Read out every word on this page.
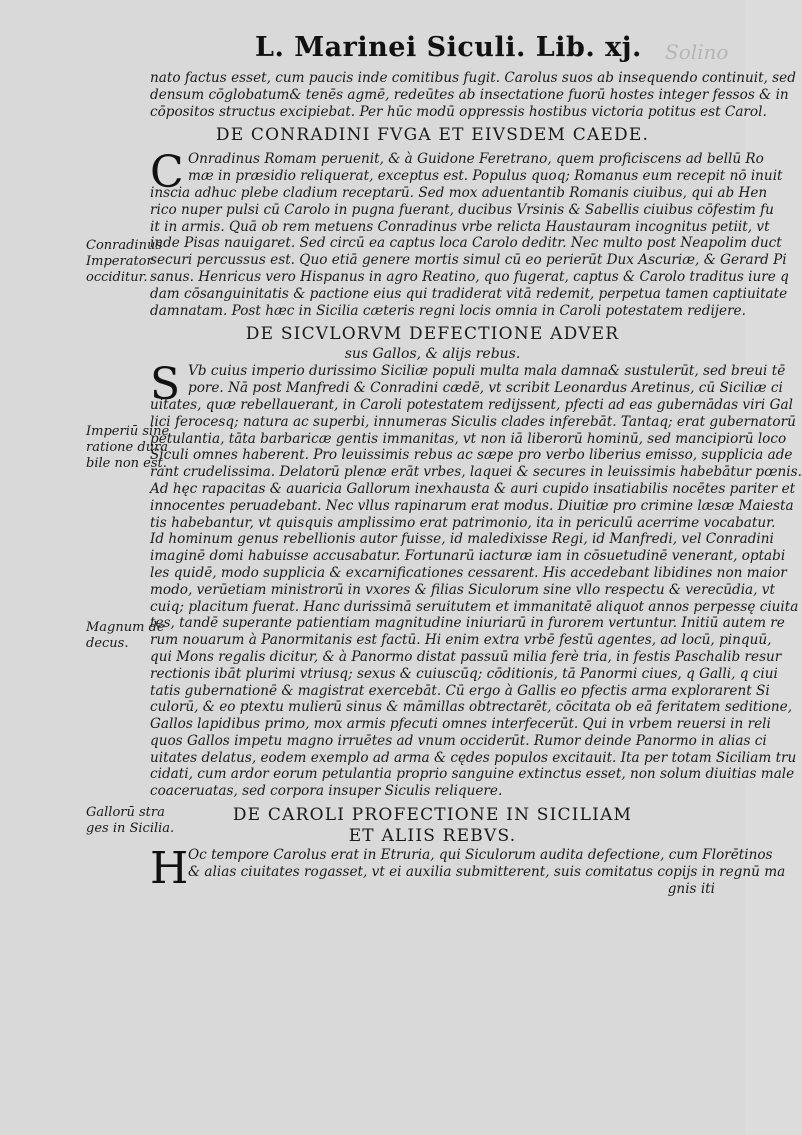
Solino
L. Marinei Siculi. Lib. xj.
Conradinus
Imperator
occiditur.
Imperiū sine
ratione dura
bile non est.
Magnum de
decus.
Gallorū stra
ges in Sicilia.
nato factus esset, cum paucis inde comitibus fugit. Carolus suos ab insequendo continuit, sed
densum cōglobatum& tenēs agmē, redeūtes ab insectatione fuorū hostes integer fessos & in
cōpositos structus excipiebat. Per hūc modū oppressis hostibus victoria potitus est Carol.
DE CONRADINI FVGA ET EIVSDEM CAEDE.
C Onradinus Romam peruenit, & à Guidone Feretrano, quem proficiscens ad bellū Ro
mæ in præsidio reliquerat, exceptus est. Populus quoq; Romanus eum recepit nō inuit
inscia adhuc plebe cladium receptarū. Sed mox aduentantib Romanis ciuibus, qui ab Hen
rico nuper pulsi cū Carolo in pugna fuerant, ducibus Vrsinis & Sabellis ciuibus cōfestim fu
it in armis. Quā ob rem metuens Conradinus vrbe relicta Haustauram incognitus petiit, vt
inde Pisas nauigaret. Sed circū ea captus loca Carolo deditr. Nec multo post Neapolim duct
securi percussus est. Quo etiā genere mortis simul cū eo perierūt Dux Ascuriæ, & Gerard Pi
sanus. Henricus vero Hispanus in agro Reatino, quo fugerat, captus & Carolo traditus iure q
dam cōsanguinitatis & pactione eius qui tradiderat vitā redemit, perpetua tamen captiuitate
damnatam. Post hæc in Sicilia cæteris regni locis omnia in Caroli potestatem redijere.
DE SICVLORVM DEFECTIONE ADVER
sus Gallos, & alijs rebus.
S Vb cuius imperio durissimo Siciliæ populi multa mala damna& sustulerūt, sed breui tē
pore. Nā post Manfredi & Conradini cædē, vt scribit Leonardus Aretinus, cū Siciliæ ci
uitates, quæ rebellauerant, in Caroli potestatem redijssent, pfecti ad eas gubernādas viri Gal
lici ferocesq; natura ac superbi, innumeras Siculis clades inferebāt. Tantaq; erat gubernatorū
petulantia, tāta barbaricæ gentis immanitas, vt non iā liberorū hominū, sed mancipiorū loco
Siculi omnes haberent. Pro leuissimis rebus ac sæpe pro verbo liberius emisso, supplicia ade
rant crudelissima. Delatorū plenæ erāt vrbes, laquei & secures in leuissimis habebātur pœnis.
Ad hęc rapacitas & auaricia Gallorum inexhausta & auri cupido insatiabilis nocētes pariter et
innocentes peruadebant. Nec vllus rapinarum erat modus. Diuitiæ pro crimine læsæ Maiesta
tis habebantur, vt quisquis amplissimo erat patrimonio, ita in periculū acerrime vocabatur.
Id hominum genus rebellionis autor fuisse, id maledixisse Regi, id Manfredi, vel Conradini
imaginē domi habuisse accusabatur. Fortunarū iacturæ iam in cōsuetudinē venerant, optabi
les quidē, modo supplicia & excarnificationes cessarent. His accedebant libidines non maior
modo, verūetiam ministrorū in vxores & filias Siculorum sine vllo respectu & verecūdia, vt
cuiq; placitum fuerat. Hanc durissimā seruitutem et immanitatē aliquot annos perpessę ciuita
tes, tandē superante patientiam magnitudine iniuriarū in furorem vertuntur. Initiū autem re
rum nouarum à Panormitanis est factū. Hi enim extra vrbē festū agentes, ad locū, pinquū,
qui Mons regalis dicitur, & à Panormo distat passuū milia ferè tria, in festis Paschalib resur
rectionis ibāt plurimi vtriusq; sexus & cuiuscūq; cōditionis, tā Panormi ciues, q Galli, q ciui
tatis gubernationē & magistrat exercebāt. Cū ergo à Gallis eo pfectis arma explorarent Si
culorū, & eo ptextu mulierū sinus & māmillas obtrectarēt, cōcitata ob eā feritatem seditione,
Gallos lapidibus primo, mox armis pfecuti omnes interfecerūt. Qui in vrbem reuersi in reli
quos Gallos impetu magno irruētes ad vnum occiderūt. Rumor deinde Panormo in alias ci
uitates delatus, eodem exemplo ad arma & cędes populos excitauit. Ita per totam Siciliam tru
cidati, cum ardor eorum petulantia proprio sanguine extinctus esset, non solum diuitias male
coaceruatas, sed corpora insuper Siculis reliquere.
DE CAROLI PROFECTIONE IN SICILIAM
ET ALIIS REBVS.
H Oc tempore Carolus erat in Etruria, qui Siculorum audita defectione, cum Florētinos
& alias ciuitates rogasset, vt ei auxilia submitterent, suis comitatus copijs in regnū ma
gnis iti
